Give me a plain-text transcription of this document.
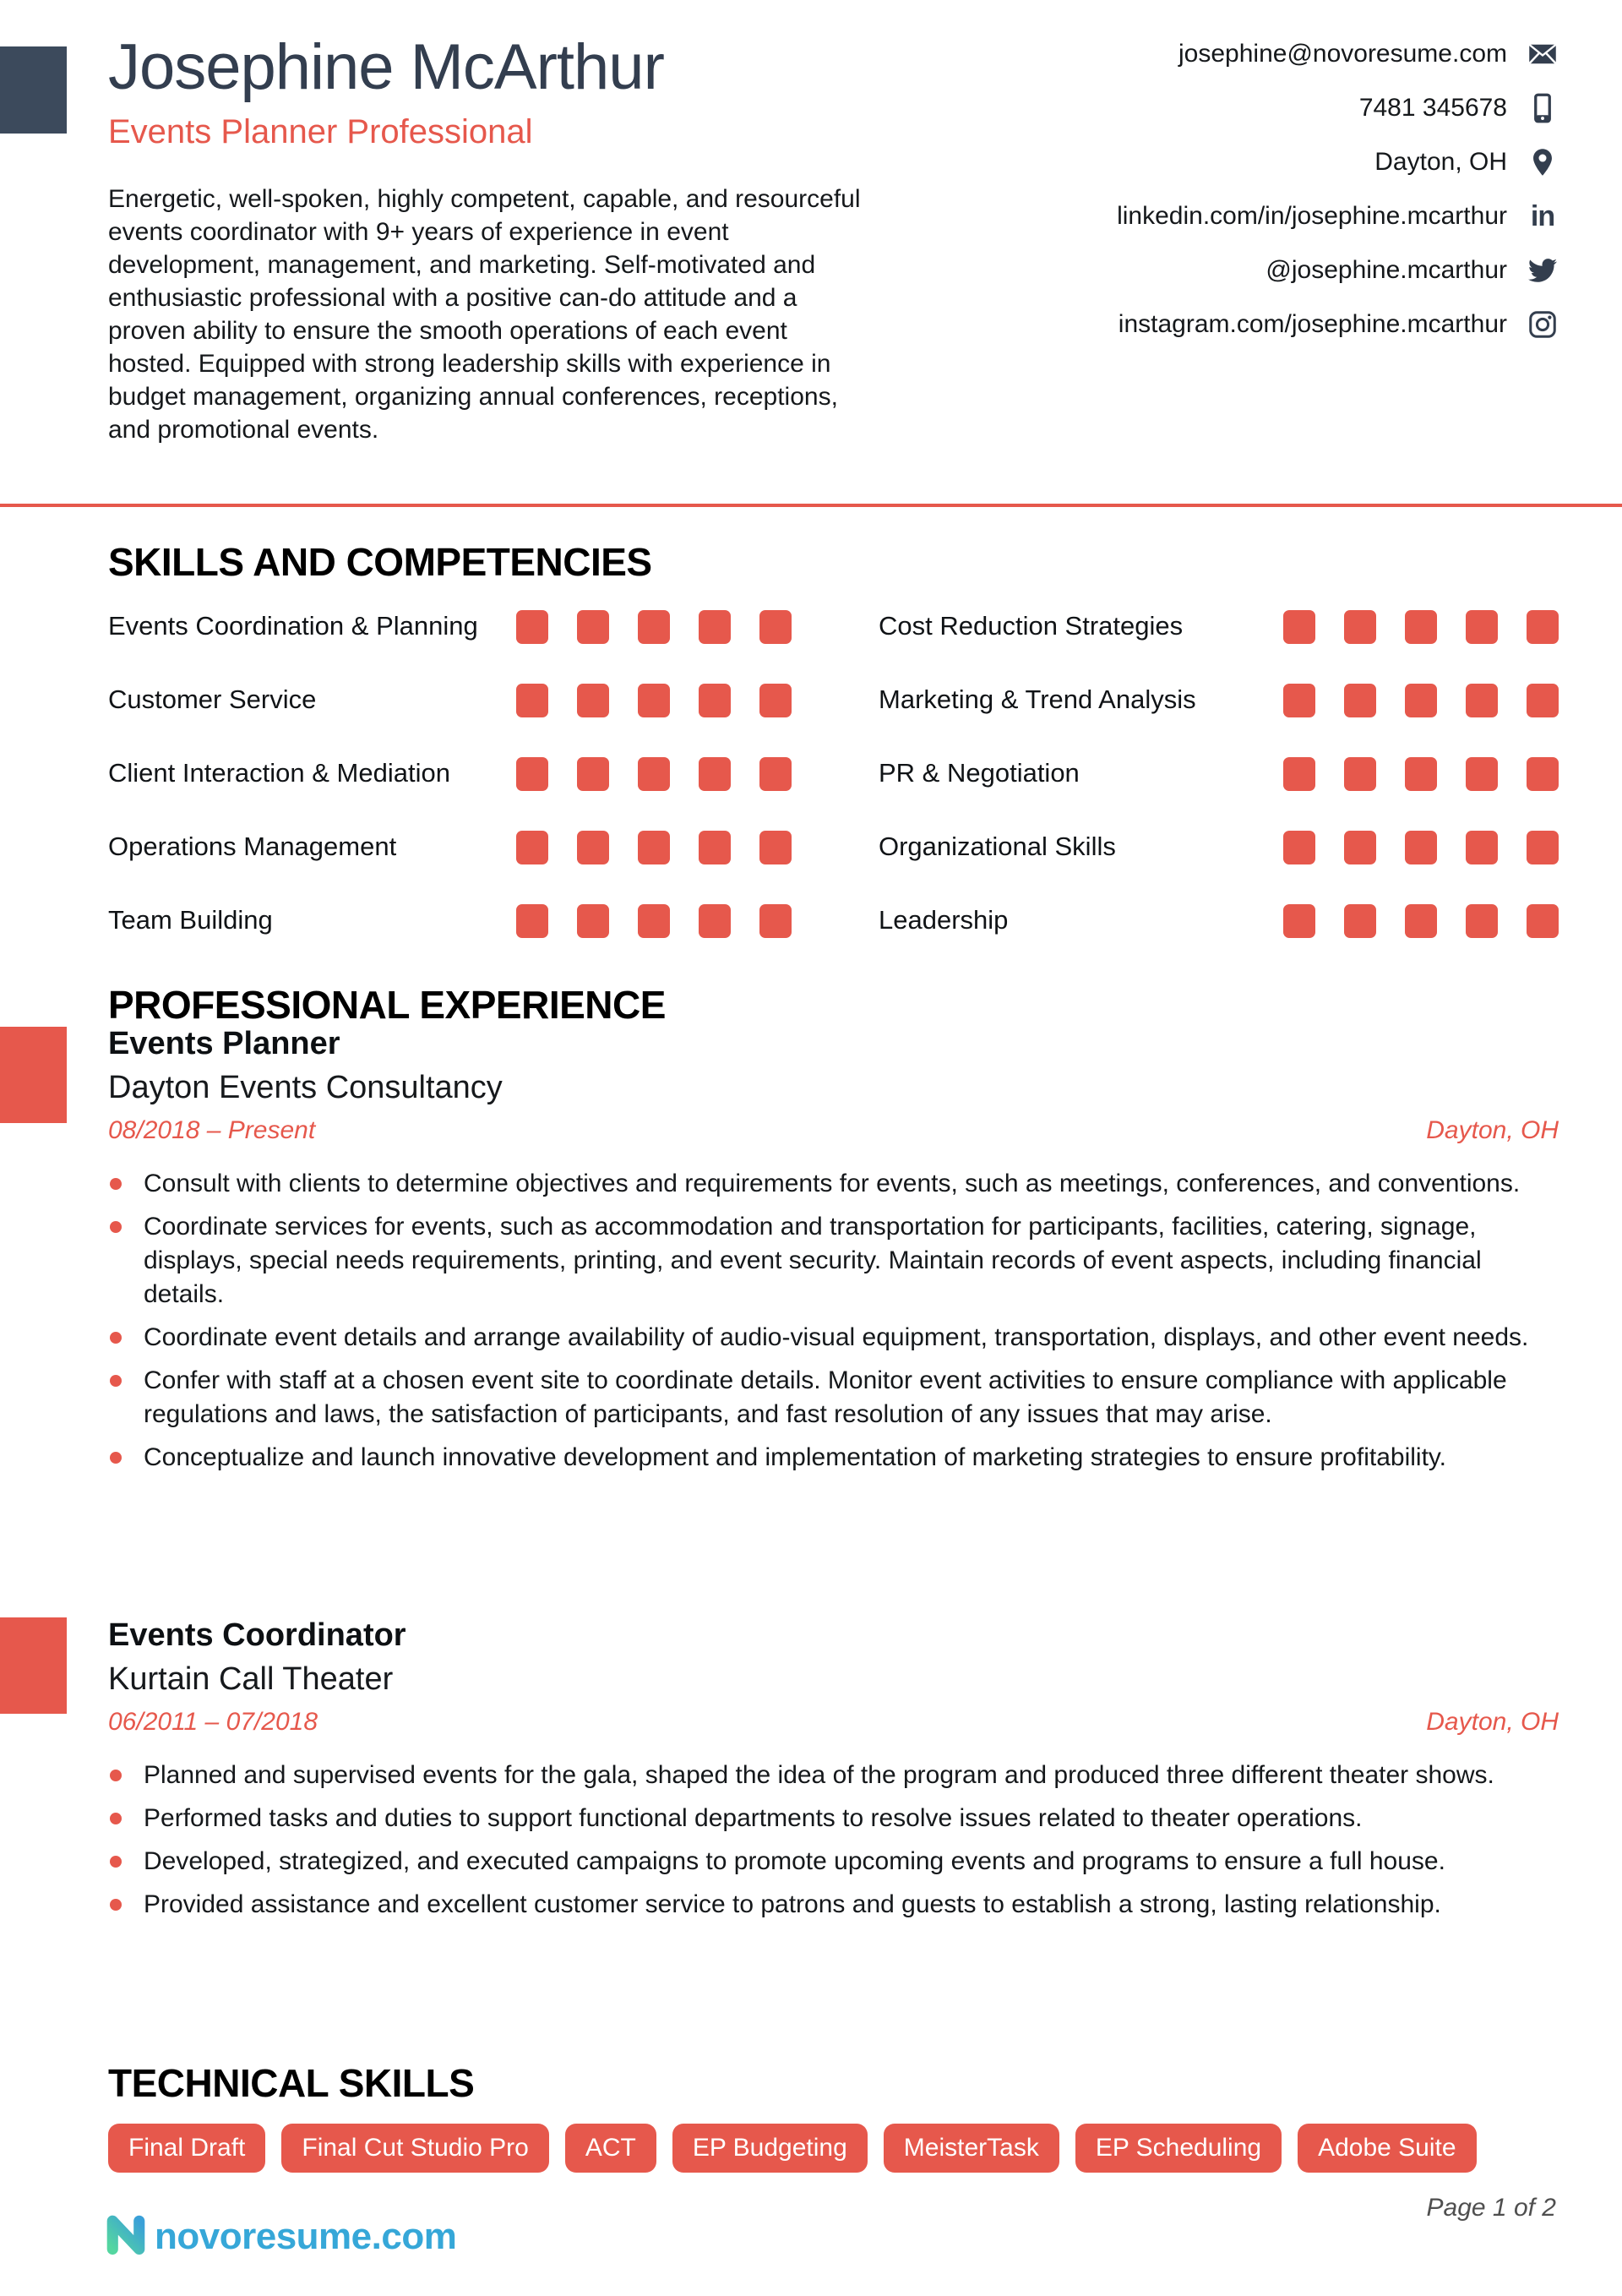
Josephine McArthur
Events Planner Professional
Energetic, well-spoken, highly competent, capable, and resourceful events coordinator with 9+ years of experience in event development, management, and marketing. Self-motivated and enthusiastic professional with a positive can-do attitude and a proven ability to ensure the smooth operations of each event hosted. Equipped with strong leadership skills with experience in budget management, organizing annual conferences, receptions, and promotional events.
josephine@novoresume.com
7481 345678
Dayton, OH
linkedin.com/in/josephine.mcarthur in
@josephine.mcarthur
instagram.com/josephine.mcarthur
SKILLS AND COMPETENCIES
Events Coordination & Planning	Cost Reduction Strategies
Customer Service	Marketing & Trend Analysis
Client Interaction & Mediation	PR & Negotiation
Operations Management	Organizational Skills
Team Building	Leadership
PROFESSIONAL EXPERIENCE
Events Planner
Dayton Events Consultancy
08/2018 – Present	Dayton, OH
Consult with clients to determine objectives and requirements for events, such as meetings, conferences, and conventions.
Coordinate services for events, such as accommodation and transportation for participants, facilities, catering, signage, displays, special needs requirements, printing, and event security. Maintain records of event aspects, including financial details.
Coordinate event details and arrange availability of audio-visual equipment, transportation, displays, and other event needs.
Confer with staff at a chosen event site to coordinate details. Monitor event activities to ensure compliance with applicable regulations and laws, the satisfaction of participants, and fast resolution of any issues that may arise.
Conceptualize and launch innovative development and implementation of marketing strategies to ensure profitability.
Events Coordinator
Kurtain Call Theater
06/2011 – 07/2018	Dayton, OH
Planned and supervised events for the gala, shaped the idea of the program and produced three different theater shows.
Performed tasks and duties to support functional departments to resolve issues related to theater operations.
Developed, strategized, and executed campaigns to promote upcoming events and programs to ensure a full house.
Provided assistance and excellent customer service to patrons and guests to establish a strong, lasting relationship.
TECHNICAL SKILLS
Final Draft	Final Cut Studio Pro	ACT	EP Budgeting	MeisterTask	EP Scheduling	Adobe Suite
Page 1 of 2
novoresume.com
